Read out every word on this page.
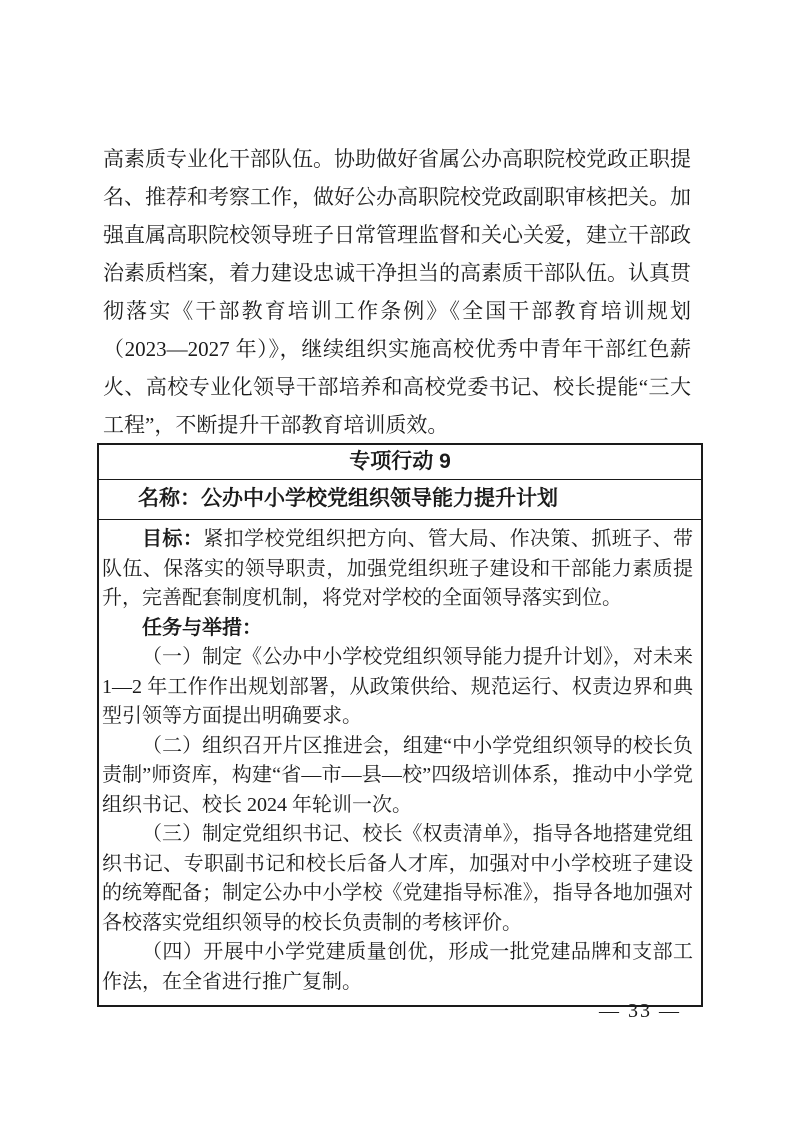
高素质专业化干部队伍。协助做好省属公办高职院校党政正职提名、推荐和考察工作，做好公办高职院校党政副职审核把关。加强直属高职院校领导班子日常管理监督和关心关爱，建立干部政治素质档案，着力建设忠诚干净担当的高素质干部队伍。认真贯彻落实《干部教育培训工作条例》《全国干部教育培训规划（2023—2027 年）》，继续组织实施高校优秀中青年干部红色薪火、高校专业化领导干部培养和高校党委书记、校长提能“三大工程”，不断提升干部教育培训质效。

专项行动 9
名称：公办中小学校党组织领导能力提升计划

目标：紧扣学校党组织把方向、管大局、作决策、抓班子、带队伍、保落实的领导职责，加强党组织班子建设和干部能力素质提升，完善配套制度机制，将党对学校的全面领导落实到位。

任务与举措：

（一）制定《公办中小学校党组织领导能力提升计划》，对未来 1—2 年工作作出规划部署，从政策供给、规范运行、权责边界和典型引领等方面提出明确要求。

（二）组织召开片区推进会，组建“中小学党组织领导的校长负责制”师资库，构建“省—市—县—校”四级培训体系，推动中小学党组织书记、校长 2024 年轮训一次。

（三）制定党组织书记、校长《权责清单》，指导各地搭建党组织书记、专职副书记和校长后备人才库，加强对中小学校班子建设的统筹配备；制定公办中小学校《党建指导标准》，指导各地加强对各校落实党组织领导的校长负责制的考核评价。

（四）开展中小学党建质量创优，形成一批党建品牌和支部工作法，在全省进行推广复制。

— 33 —
